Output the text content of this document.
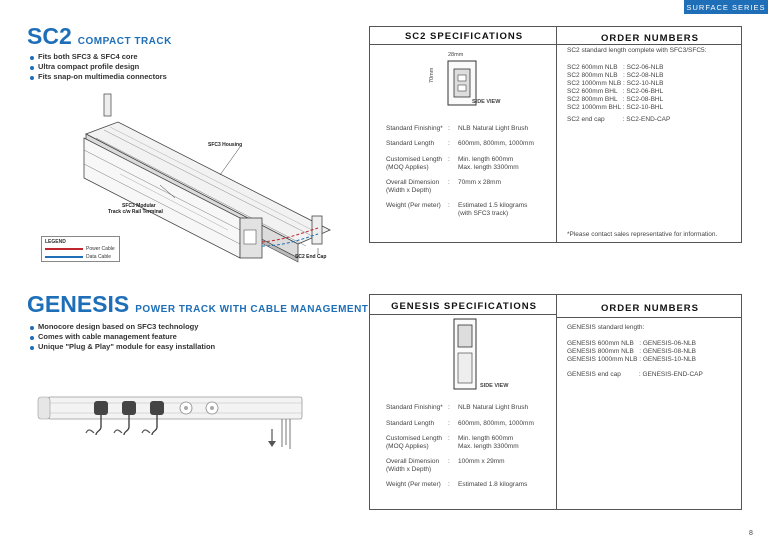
SURFACE SERIES
SC2 COMPACT TRACK
Fits both SFC3 & SFC4 core
Ultra compact profile design
Fits snap-on multimedia connectors
SFC3 Housing
SFC3 Modular
Track c/w Rail Terminal
SC2 End Cap
LEGEND
Power Cable
Data Cable
SC2 SPECIFICATIONS
28mm
70mm
SIDE VIEW
Standard Finishing* :	NLB Natural Light Brush
Standard Length	:	600mm, 800mm, 1000mm
Customised Length
(MOQ Applies)
:	Min. length 600mm
Max. length 3300mm
Overall Dimension
(Width x Depth)
:	70mm x 28mm
Weight (Per meter)	:	Estimated 1.5 kilograms
(with SFC3 track)
ORDER NUMBERS
SC2 standard length complete with SFC3/SFC5:
SC2 600mm NLB   : SC2-06-NLB
SC2 800mm NLB   : SC2-08-NLB
SC2 1000mm NLB : SC2-10-NLB
SC2 600mm BHL   : SC2-06-BHL
SC2 800mm BHL   : SC2-08-BHL
SC2 1000mm BHL : SC2-10-BHL
SC2 end cap          : SC2-END-CAP
*Please contact sales representative for information.
GENESIS POWER TRACK WITH CABLE MANAGEMENT
Monocore design based on SFC3 technology
Comes with cable management feature
Unique "Plug & Play" module for easy installation
GENESIS SPECIFICATIONS
SIDE VIEW
Standard Finishing* :	NLB Natural Light Brush
Standard Length	:	600mm, 800mm, 1000mm
Customised Length
(MOQ Applies)
:	Min. length 600mm
Max. length 3300mm
Overall Dimension
(Width x Depth)
:	100mm x 29mm
Weight (Per meter)	:	Estimated 1.8 kilograms
ORDER NUMBERS
GENESIS standard length:
GENESIS 600mm NLB   : GENESIS-06-NLB
GENESIS 800mm NLB   : GENESIS-08-NLB
GENESIS 1000mm NLB : GENESIS-10-NLB
GENESIS end cap          : GENESIS-END-CAP
8
